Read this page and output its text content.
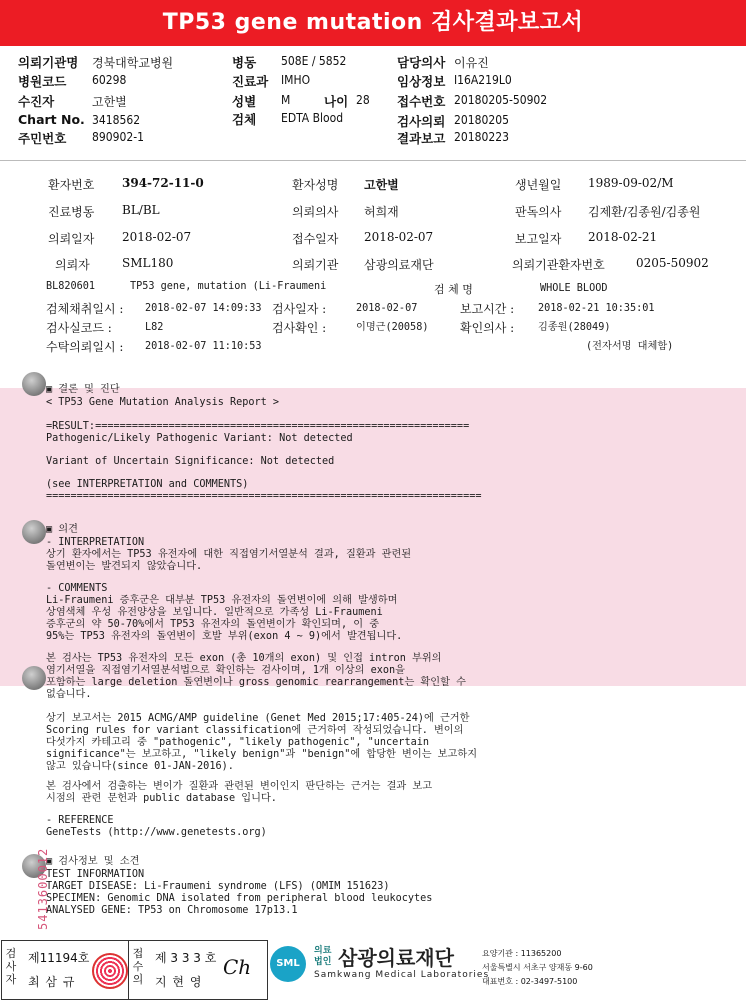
TP53 gene mutation 검사결과보고서
의뢰기관명 경북대학교병원
병원코드 60298
수진자	고한별
Chart No. 3418562
주민번호 890902-1
병동 508E / 5852
진료과 IMHO
성별 M	나이 28
검체 EDTA Blood
담당의사 이유진
임상정보 I16A219L0
접수번호 20180205-50902
검사의뢰 20180205
결과보고 20180223
환자번호 394-72-11-0	환자성명 고한별	생년월일 1989-09-02/M
진료병동 BL/BL	의뢰의사 허희재	판독의사 김제환/김종원/김종원
의뢰일자 2018-02-07	접수일자 2018-02-07	보고일자 2018-02-21
의뢰자	SML180	의뢰기관 삼광의료재단	의뢰기관환자번호	0205-50902
BL820601	TP53 gene, mutation (Li-Fraumeni	검 체 명	WHOLE BLOOD
검체채취일시 : 2018-02-07 14:09:33 검사일자 :	2018-02-07	보고시간 : 2018-02-21 10:35:01
검사실코드 :	L82	검사확인 :	이명근(20058)	확인의사 : 김종원(28049)
수탁의뢰일시 : 2018-02-07 11:10:53	(전자서명 대체함)
▣ 결론 및 진단
< TP53 Gene Mutation Analysis Report >
=RESULT:=============================================================
Pathogenic/Likely Pathogenic Variant: Not detected
Variant of Uncertain Significance: Not detected
(see INTERPRETATION and COMMENTS)
=======================================================================
▣ 의견
- INTERPRETATION
상기 환자에서는 TP53 유전자에 대한 직접염기서열분석 결과, 질환과 관련된
돌연변이는 발견되지 않았습니다.
- COMMENTS
Li-Fraumeni 증후군은 대부분 TP53 유전자의 돌연변이에 의해 발생하며
상염색체 우성 유전양상을 보입니다. 일반적으로 가족성 Li-Fraumeni
증후군의 약 50-70%에서 TP53 유전자의 돌연변이가 확인되며, 이 중
95%는 TP53 유전자의 돌연변이 호발 부위(exon 4 ~ 9)에서 발견됩니다.
본 검사는 TP53 유전자의 모든 exon (총 10개의 exon) 및 인접 intron 부위의
염기서열을 직접염기서열분석법으로 확인하는 검사이며, 1개 이상의 exon을
포함하는 large deletion 돌연변이나 gross genomic rearrangement는 확인할 수
없습니다.
상기 보고서는 2015 ACMG/AMP guideline (Genet Med 2015;17:405-24)에 근거한
Scoring rules for variant classification에 근거하여 작성되었습니다. 변이의
다섯가지 카테고리 중 "pathogenic", "likely pathogenic", "uncertain
significance"는 보고하고, "likely benign"과 "benign"에 합당한 변이는 보고하지
않고 있습니다(since 01-JAN-2016).
본 검사에서 검출하는 변이가 질환과 관련된 변이인지 판단하는 근거는 결과 보고
시점의 관련 문헌과 public database 입니다.
- REFERENCE
GeneTests (http://www.genetests.org)
▣ 검사정보 및 소견
TEST INFORMATION
TARGET DISEASE: Li-Fraumeni syndrome (LFS) (OMIM 151623)
SPECIMEN: Genomic DNA isolated from peripheral blood leukocytes
ANALYSED GENE: TP53 on Chromosome 17p13.1
5413600012
검사자
제11194호
최 삼 규
접수의
제 3 3 3 호
지 현 영
Ch	SML
의료법인 삼광의료재단
Samkwang Medical Laboratories
요양기관 : 11365200
서울특별시 서초구 양재동 9-60
대표번호 : 02-3497-5100
